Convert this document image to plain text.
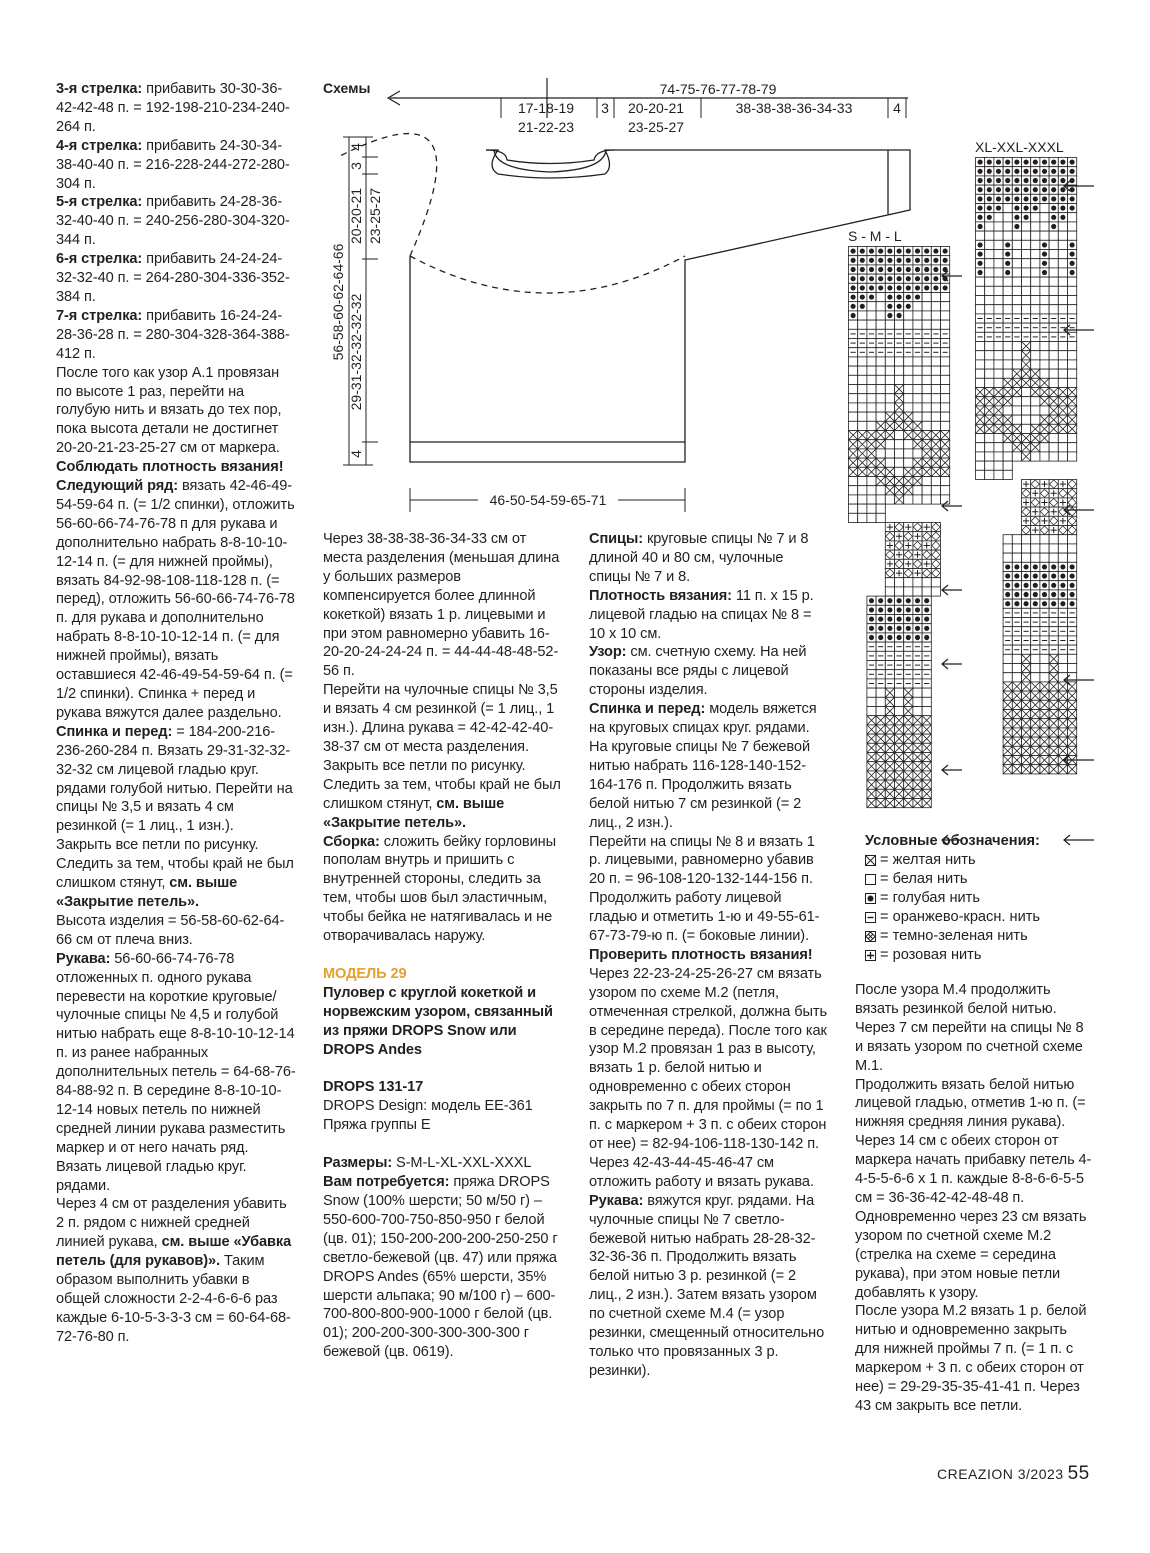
3-я стрелка: прибавить 30-30-36-42-42-48 п. = 192-198-210-234-240-264 п.

4-я стрелка: прибавить 24-30-34-38-40-40 п. = 216-228-244-272-280-304 п.

5-я стрелка: прибавить 24-28-36-32-40-40 п. = 240-256-280-304-320-344 п.

6-я стрелка: прибавить 24-24-24-32-32-40 п. = 264-280-304-336-352-384 п.

7-я стрелка: прибавить 16-24-24-28-36-28 п. = 280-304-328-364-388-412 п.

После того как узор А.1 провязан по высоте 1 раз, перейти на голубую нить и вязать до тех пор, пока высота детали не достигнет 20-20-21-23-25-27 см от маркера. Соблюдать плотность вязания!

Следующий ряд: вязать 42-46-49-54-59-64 п. (= 1/2 спинки), отложить 56-60-66-74-76-78 п для рукава и дополнительно набрать 8-8-10-10-12-14 п. (= для нижней проймы), вязать 84-92-98-108-118-128 п. (= перед), отложить 56-60-66-74-76-78 п. для рукава и дополнительно набрать 8-8-10-10-12-14 п. (= для нижней проймы), вязать оставшиеся 42-46-49-54-59-64 п. (= 1/2 спинки). Спинка + перед и рукава вяжутся далее раздельно.

Спинка и перед: = 184-200-216-236-260-284 п. Вязать 29-31-32-32-32-32 см лицевой гладью круг. рядами голубой нитью. Перейти на спицы № 3,5 и вязать 4 см резинкой (= 1 лиц., 1 изн.).

Закрыть все петли по рисунку. Следить за тем, чтобы край не был слишком стянут, см. выше «Закрытие петель».

Высота изделия = 56-58-60-62-64-66 см от плеча вниз.

Рукава: 56-60-66-74-76-78 отложенных п. одного рукава перевести на короткие круговые/чулочные спицы № 4,5 и голубой нитью набрать еще 8-8-10-10-12-14 п. из ранее набранных дополнительных петель = 64-68-76-84-88-92 п. В середине 8-8-10-10-12-14 новых петель по нижней средней линии рукава разместить маркер и от него начать ряд. Вязать лицевой гладью круг. рядами.

Через 4 см от разделения убавить 2 п. рядом с нижней средней линией рукава, см. выше «Убавка петель (для рукавов)». Таким образом выполнить убавки в общей сложности 2-2-4-6-6-6 раз каждые 6-10-5-3-3-3 см = 60-64-68-72-76-80 п.

Через 38-38-38-36-34-33 см от места разделения (меньшая длина у больших размеров компенсируется более длинной кокеткой) вязать 1 р. лицевыми и при этом равномерно убавить 16-20-20-24-24-24 п. = 44-44-48-48-52-56 п.

Перейти на чулочные спицы № 3,5 и вязать 4 см резинкой (= 1 лиц., 1 изн.). Длина рукава = 42-42-42-40-38-37 см от места разделения. Закрыть все петли по рисунку. Следить за тем, чтобы край не был слишком стянут, см. выше «Закрытие петель».

Сборка: сложить бейку горловины пополам внутрь и пришить с внутренней стороны, следить за тем, чтобы шов был эластичным, чтобы бейка не натягивалась и не отворачивалась наружу.

МОДЕЛЬ 29

Пуловер с круглой кокеткой и норвежским узором, связанный из пряжи DROPS Snow или DROPS Andes

DROPS 131-17

DROPS Design: модель EE-361

Пряжа группы Е

Размеры: S-M-L-XL-XXL-XXXL

Вам потребуется: пряжа DROPS Snow (100% шерсти; 50 м/50 г) – 550-600-700-750-850-950 г белой (цв. 01); 150-200-200-200-250-250 г светло-бежевой (цв. 47) или пряжа DROPS Andes (65% шерсти, 35% шерсти альпака; 90 м/100 г) – 600-700-800-800-900-1000 г белой (цв. 01); 200-200-300-300-300-300 г бежевой (цв. 0619).

Спицы: круговые спицы № 7 и 8 длиной 40 и 80 см, чулочные спицы № 7 и 8.

Плотность вязания: 11 п. х 15 р. лицевой гладью на спицах № 8 = 10 х 10 см.

Узор: см. счетную схему. На ней показаны все ряды с лицевой стороны изделия.

Спинка и перед: модель вяжется на круговых спицах круг. рядами. На круговые спицы № 7 бежевой нитью набрать 116-128-140-152-164-176 п. Продолжить вязать белой нитью 7 см резинкой (= 2 лиц., 2 изн.).

Перейти на спицы № 8 и вязать 1 р. лицевыми, равномерно убавив 20 п. = 96-108-120-132-144-156 п. Продолжить работу лицевой гладью и отметить 1-ю и 49-55-61-67-73-79-ю п. (= боковые линии).

Проверить плотность вязания! Через 22-23-24-25-26-27 см вязать узором по схеме М.2 (петля, отмеченная стрелкой, должна быть в середине переда). После того как узор М.2 провязан 1 раз в высоту, вязать 1 р. белой нитью и одновременно с обеих сторон закрыть по 7 п. для проймы (= по 1 п. с маркером + 3 п. с обеих сторон от нее) = 82-94-106-118-130-142 п. Через 42-43-44-45-46-47 см отложить работу и вязать рукава.

Рукава: вяжутся круг. рядами. На чулочные спицы № 7 светло-бежевой нитью набрать 28-28-32-32-36-36 п. Продолжить вязать белой нитью 3 р. резинкой (= 2 лиц., 2 изн.). Затем вязать узором по счетной схеме М.4 (= узор резинки, смещенный относительно только что провязанных 3 р. резинки).

После узора М.4 продолжить вязать резинкой белой нитью.

Через 7 см перейти на спицы № 8 и вязать узором по счетной схеме М.1.

Продолжить вязать белой нитью лицевой гладью, отметив 1-ю п. (= нижняя средняя линия рукава). Через 14 см с обеих сторон от маркера начать прибавку петель 4-4-5-5-6-6 х 1 п. каждые 8-8-6-6-5-5 см = 36-36-42-42-48-48 п. Одновременно через 23 см вязать узором по счетной схеме М.2 (стрелка на схеме = середина рукава), при этом новые петли добавлять к узору.

После узора М.2 вязать 1 р. белой нитью и одновременно закрыть для нижней проймы 7 п. (= 1 п. с маркером + 3 п. с обеих сторон от нее) = 29-29-35-35-41-41 п. Через 43 см закрыть все петли.

Схемы	74-75-76-77-78-79
17-18-19
21-22-23
3 20-20-21
23-25-27
38-38-38-36-34-33	4
56-58-60-62-64-66
4
3
20-20-21 23-25-27
29-31-32-32-32-32
4
46-50-54-59-65-71
S - M - L
XL-XXL-XXXL
Условные обозначения:
= желтая нить
= белая нить
= голубая нить
= оранжево-красн. нить
= темно-зеленая нить
= розовая нить
CREAZION 3/2023 55
